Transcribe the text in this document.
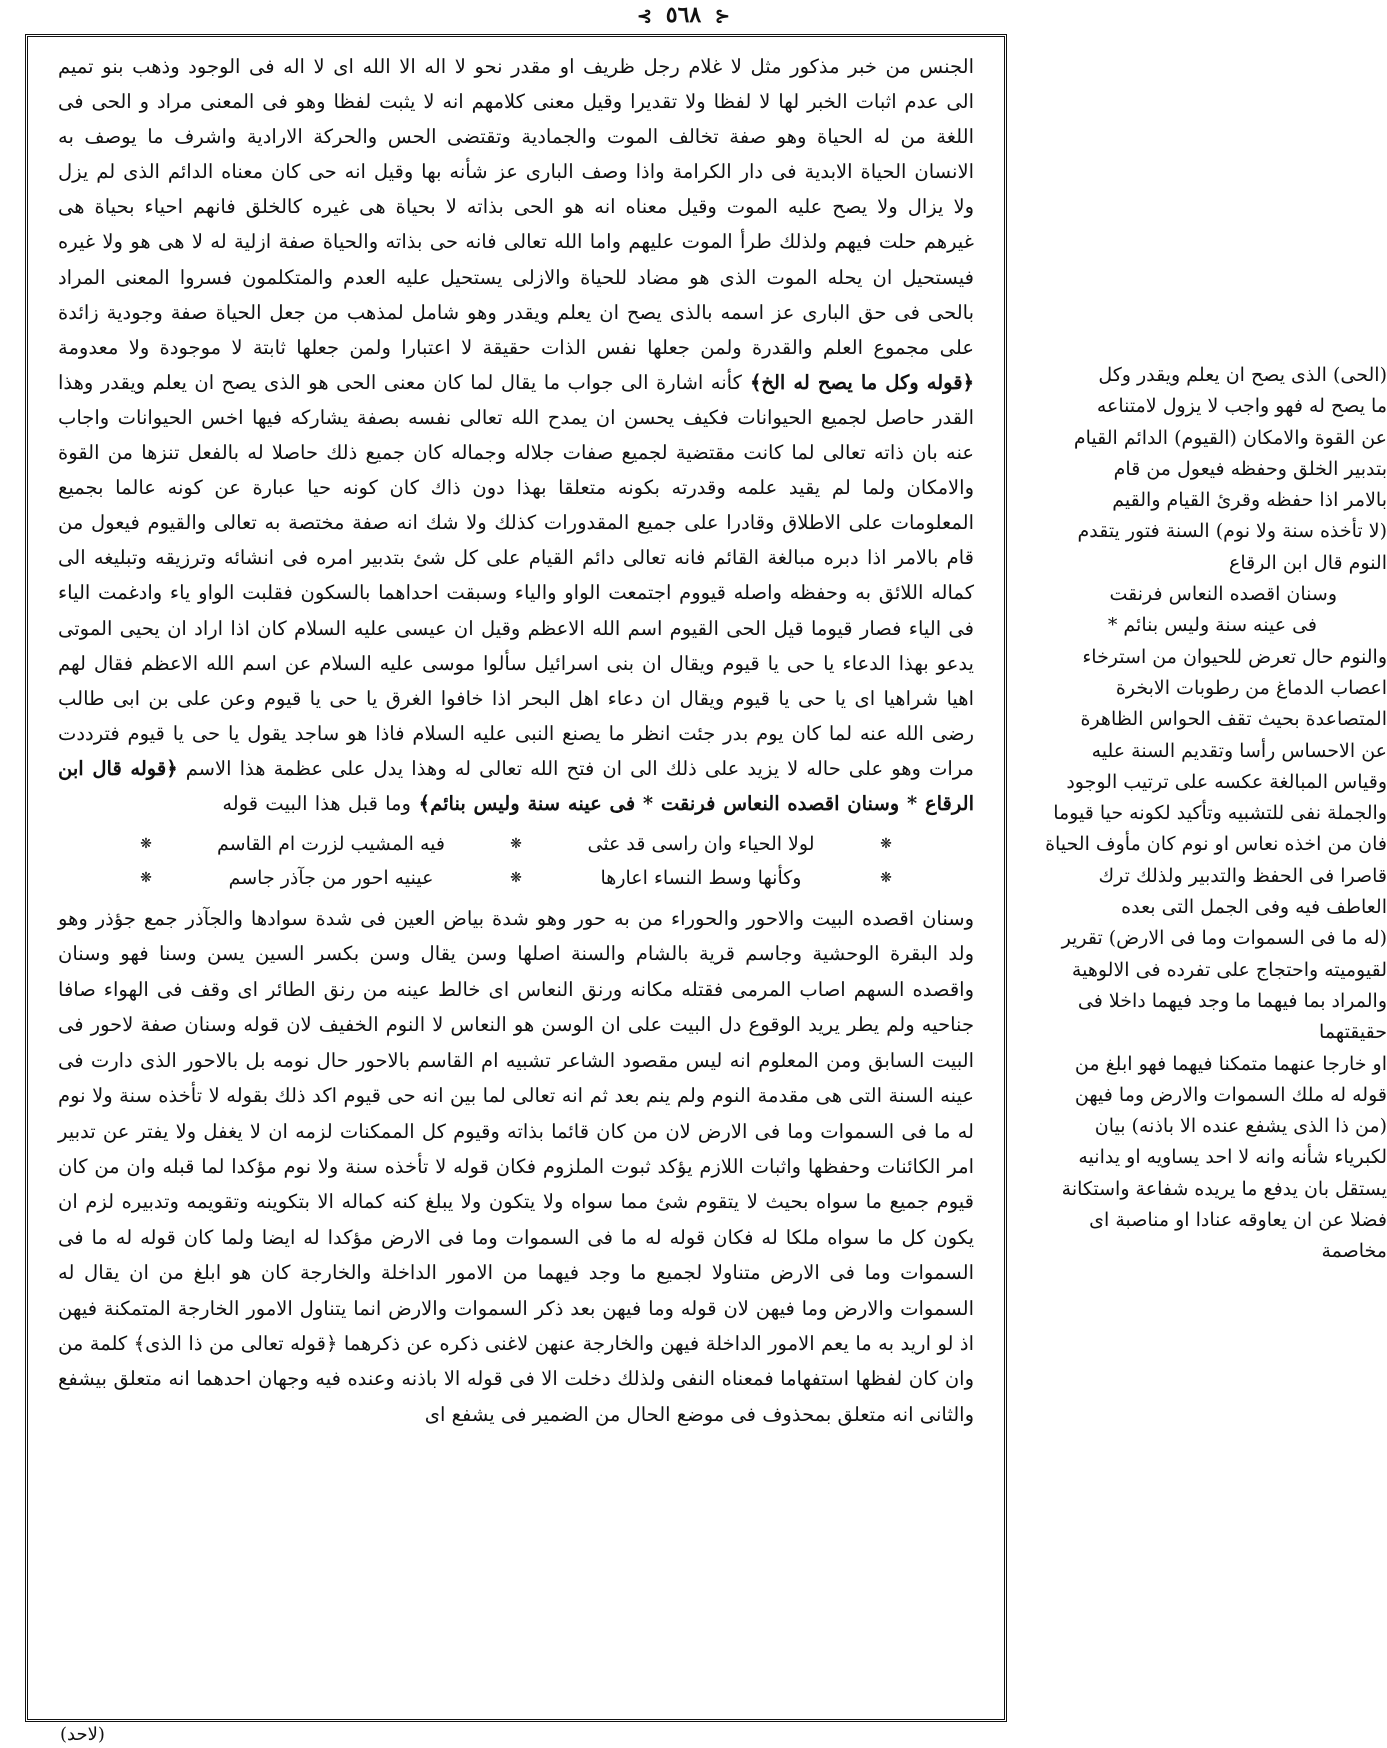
⊰ ٥٦٨ ⊱
الجنس من خبر مذكور مثل لا غلام رجل ظريف او مقدر نحو لا اله الا الله اى لا اله فى الوجود وذهب بنو تميم الى عدم اثبات الخبر لها لا لفظا ولا تقديرا وقيل معنى كلامهم انه لا يثبت لفظا وهو فى المعنى مراد و الحى فى اللغة من له الحياة وهو صفة تخالف الموت والجمادية وتقتضى الحس والحركة الارادية واشرف ما يوصف به الانسان الحياة الابدية فى دار الكرامة واذا وصف البارى عز شأنه بها وقيل انه حى كان معناه الدائم الذى لم يزل ولا يزال ولا يصح عليه الموت وقيل معناه انه هو الحى بذاته لا بحياة هى غيره كالخلق فانهم احياء بحياة هى غيرهم حلت فيهم ولذلك طرأ الموت عليهم واما الله تعالى فانه حى بذاته والحياة صفة ازلية له لا هى هو ولا غيره فيستحيل ان يحله الموت الذى هو مضاد للحياة والازلى يستحيل عليه العدم والمتكلمون فسروا المعنى المراد بالحى فى حق البارى عز اسمه بالذى يصح ان يعلم ويقدر وهو شامل لمذهب من جعل الحياة صفة وجودية زائدة على مجموع العلم والقدرة ولمن جعلها نفس الذات حقيقة لا اعتبارا ولمن جعلها ثابتة لا موجودة ولا معدومة ﴿قوله وكل ما يصح له الخ﴾ كأنه اشارة الى جواب ما يقال لما كان معنى الحى هو الذى يصح ان يعلم ويقدر وهذا القدر حاصل لجميع الحيوانات فكيف يحسن ان يمدح الله تعالى نفسه بصفة يشاركه فيها اخس الحيوانات واجاب عنه بان ذاته تعالى لما كانت مقتضية لجميع صفات جلاله وجماله كان جميع ذلك حاصلا له بالفعل تنزها من القوة والامكان ولما لم يقيد علمه وقدرته بكونه متعلقا بهذا دون ذاك كان كونه حيا عبارة عن كونه عالما بجميع المعلومات على الاطلاق وقادرا على جميع المقدورات كذلك ولا شك انه صفة مختصة به تعالى والقيوم فيعول من قام بالامر اذا دبره مبالغة القائم فانه تعالى دائم القيام على كل شئ بتدبير امره فى انشائه وترزيقه وتبليغه الى كماله اللائق به وحفظه واصله قيووم اجتمعت الواو والياء وسبقت احداهما بالسكون فقلبت الواو ياء وادغمت الياء فى الياء فصار قيوما قيل الحى القيوم اسم الله الاعظم وقيل ان عيسى عليه السلام كان اذا اراد ان يحيى الموتى يدعو بهذا الدعاء يا حى يا قيوم ويقال ان بنى اسرائيل سألوا موسى عليه السلام عن اسم الله الاعظم فقال لهم اهيا شراهيا اى يا حى يا قيوم ويقال ان دعاء اهل البحر اذا خافوا الغرق يا حى يا قيوم وعن على بن ابى طالب رضى الله عنه لما كان يوم بدر جئت انظر ما يصنع النبى عليه السلام فاذا هو ساجد يقول يا حى يا قيوم فترددت مرات وهو على حاله لا يزيد على ذلك الى ان فتح الله تعالى له وهذا يدل على عظمة هذا الاسم ﴿قوله قال ابن الرقاع * وسنان اقصده النعاس فرنقت * فى عينه سنة وليس بنائم﴾ وما قبل هذا البيت قوله
❋
لولا الحياء وان راسى قد عثى
❋
فيه المشيب لزرت ام القاسم
❋
❋
وكأنها وسط النساء اعارها
❋
عينيه احور من جآذر جاسم
❋
وسنان اقصده البيت والاحور والحوراء من به حور وهو شدة بياض العين فى شدة سوادها والجآذر جمع جؤذر وهو ولد البقرة الوحشية وجاسم قرية بالشام والسنة اصلها وسن يقال وسن بكسر السين يسن وسنا فهو وسنان واقصده السهم اصاب المرمى فقتله مكانه ورنق النعاس اى خالط عينه من رنق الطائر اى وقف فى الهواء صافا جناحيه ولم يطر يريد الوقوع دل البيت على ان الوسن هو النعاس لا النوم الخفيف لان قوله وسنان صفة لاحور فى البيت السابق ومن المعلوم انه ليس مقصود الشاعر تشبيه ام القاسم بالاحور حال نومه بل بالاحور الذى دارت فى عينه السنة التى هى مقدمة النوم ولم ينم بعد ثم انه تعالى لما بين انه حى قيوم اكد ذلك بقوله لا تأخذه سنة ولا نوم له ما فى السموات وما فى الارض لان من كان قائما بذاته وقيوم كل الممكنات لزمه ان لا يغفل ولا يفتر عن تدبير امر الكائنات وحفظها واثبات اللازم يؤكد ثبوت الملزوم فكان قوله لا تأخذه سنة ولا نوم مؤكدا لما قبله وان من كان قيوم جميع ما سواه بحيث لا يتقوم شئ مما سواه ولا يتكون ولا يبلغ كنه كماله الا بتكوينه وتقويمه وتدبيره لزم ان يكون كل ما سواه ملكا له فكان قوله له ما فى السموات وما فى الارض مؤكدا له ايضا ولما كان قوله له ما فى السموات وما فى الارض متناولا لجميع ما وجد فيهما من الامور الداخلة والخارجة كان هو ابلغ من ان يقال له السموات والارض وما فيهن لان قوله وما فيهن بعد ذكر السموات والارض انما يتناول الامور الخارجة المتمكنة فيهن اذ لو اريد به ما يعم الامور الداخلة فيهن والخارجة عنهن لاغنى ذكره عن ذكرهما ﴿قوله تعالى من ذا الذى﴾ كلمة من وان كان لفظها استفهاما فمعناه النفى ولذلك دخلت الا فى قوله الا باذنه وعنده فيه وجهان احدهما انه متعلق بيشفع والثانى انه متعلق بمحذوف فى موضع الحال من الضمير فى يشفع اى

(الحى) الذى يصح ان يعلم ويقدر وكل

ما يصح له فهو واجب لا يزول لامتناعه

عن القوة والامكان (القيوم) الدائم القيام

بتدبير الخلق وحفظه فيعول من قام

بالامر اذا حفظه وقرئ القيام والقيم

(لا تأخذه سنة ولا نوم) السنة فتور يتقدم

النوم قال ابن الرقاع

وسنان اقصده النعاس فرنقت

فى عينه سنة وليس بنائم *

والنوم حال تعرض للحيوان من استرخاء

اعصاب الدماغ من رطوبات الابخرة

المتصاعدة بحيث تقف الحواس الظاهرة

عن الاحساس رأسا وتقديم السنة عليه

وقياس المبالغة عكسه على ترتيب الوجود

والجملة نفى للتشبيه وتأكيد لكونه حيا قيوما

فان من اخذه نعاس او نوم كان مأوف الحياة

قاصرا فى الحفظ والتدبير ولذلك ترك

العاطف فيه وفى الجمل التى بعده

(له ما فى السموات وما فى الارض) تقرير

لقيوميته واحتجاج على تفرده فى الالوهية

والمراد بما فيهما ما وجد فيهما داخلا فى حقيقتهما

او خارجا عنهما متمكنا فيهما فهو ابلغ من

قوله له ملك السموات والارض وما فيهن

(من ذا الذى يشفع عنده الا باذنه) بيان

لكبرياء شأنه وانه لا احد يساويه او يدانيه

يستقل بان يدفع ما يريده شفاعة واستكانة

فضلا عن ان يعاوقه عنادا او مناصبة اى

مخاصمة

(لاحد)
